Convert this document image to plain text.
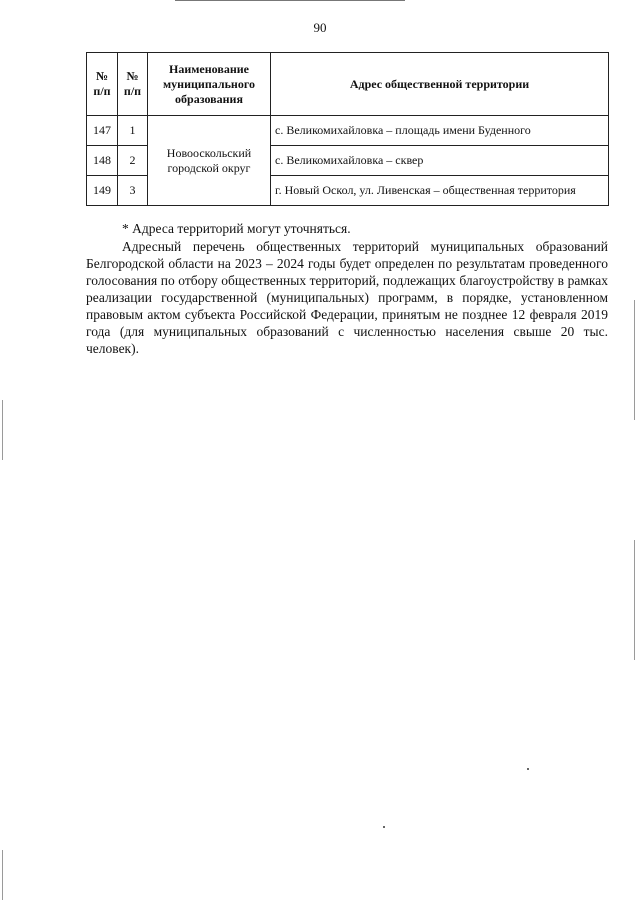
90
№ п/п	№ п/п	Наименование муниципального образования	Адрес общественной территории
147	1	Новооскольский городской округ	с. Великомихайловка – площадь имени Буденного
148	2		с. Великомихайловка – сквер
149	3		г. Новый Оскол, ул. Ливенская – общественная территория
* Адреса территорий могут уточняться.

Адресный перечень общественных территорий муниципальных образований Белгородской области на 2023 – 2024 годы будет определен по результатам проведенного голосования по отбору общественных территорий, подлежащих благоустройству в рамках реализации государственной (муниципальных) программ, в порядке, установленном правовым актом субъекта Российской Федерации, принятым не позднее 12 февраля 2019 года (для муниципальных образований с численностью населения свыше 20 тыс. человек).
